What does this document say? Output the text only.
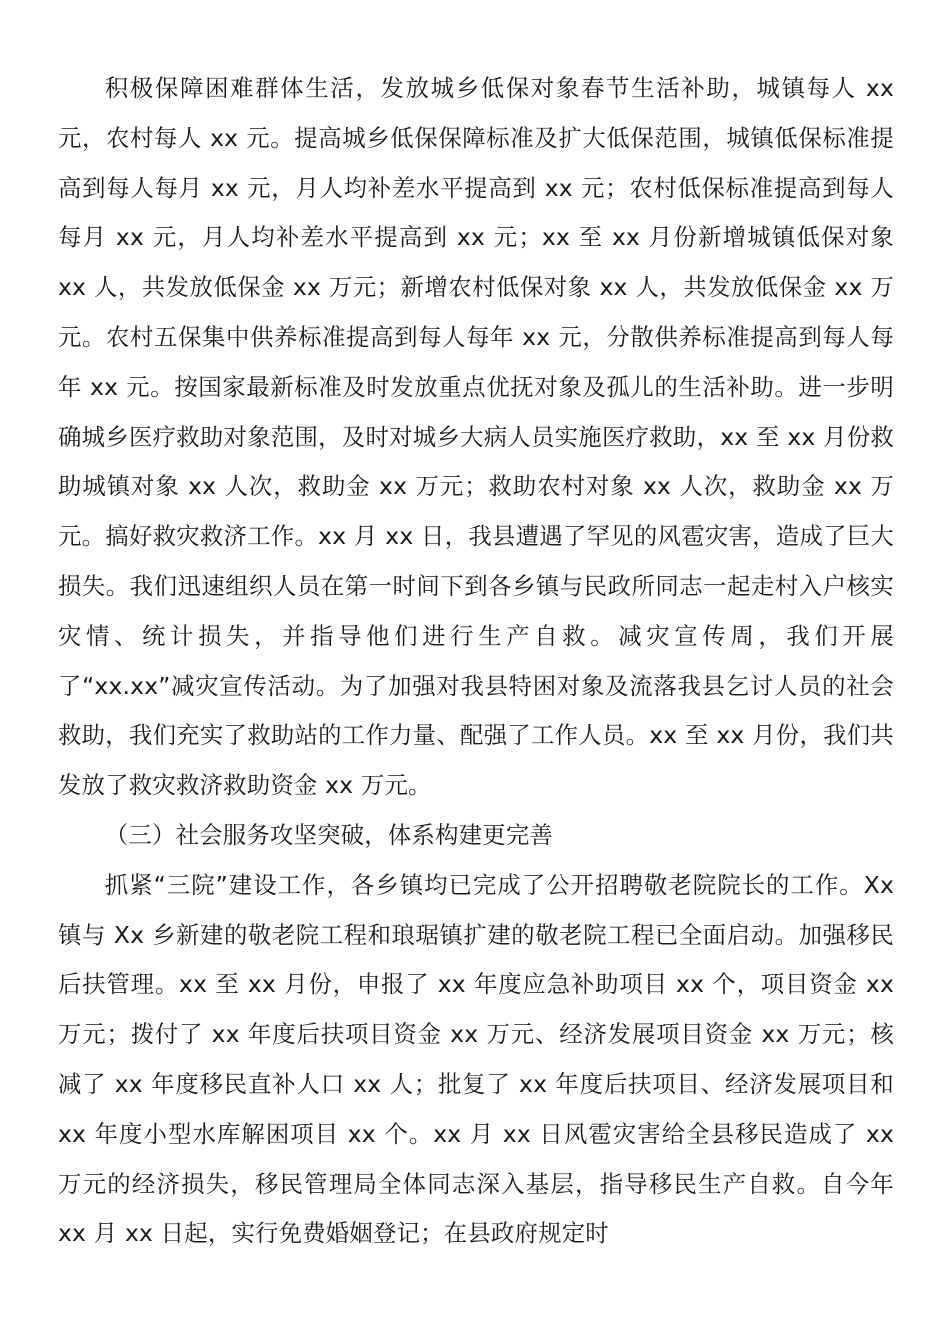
积极保障困难群体生活，发放城乡低保对象春节生活补助，城镇每人 xx 元，农村每人 xx 元。提高城乡低保保障标准及扩大低保范围，城镇低保标准提高到每人每月 xx 元，月人均补差水平提高到 xx 元；农村低保标准提高到每人每月 xx 元，月人均补差水平提高到 xx 元；xx 至 xx 月份新增城镇低保对象 xx 人，共发放低保金 xx 万元；新增农村低保对象 xx 人，共发放低保金 xx 万元。农村五保集中供养标准提高到每人每年 xx 元，分散供养标准提高到每人每年 xx 元。按国家最新标准及时发放重点优抚对象及孤儿的生活补助。进一步明确城乡医疗救助对象范围，及时对城乡大病人员实施医疗救助，xx 至 xx 月份救助城镇对象 xx 人次，救助金 xx 万元；救助农村对象 xx 人次，救助金 xx 万元。搞好救灾救济工作。xx 月 xx 日，我县遭遇了罕见的风雹灾害，造成了巨大损失。我们迅速组织人员在第一时间下到各乡镇与民政所同志一起走村入户核实灾情、统计损失，并指导他们进行生产自救。减灾宣传周，我们开展了“xx.xx”减灾宣传活动。为了加强对我县特困对象及流落我县乞讨人员的社会救助，我们充实了救助站的工作力量、配强了工作人员。xx 至 xx 月份，我们共发放了救灾救济救助资金 xx 万元。

（三）社会服务攻坚突破，体系构建更完善

抓紧“三院”建设工作，各乡镇均已完成了公开招聘敬老院院长的工作。Xx 镇与 Xx 乡新建的敬老院工程和琅琚镇扩建的敬老院工程已全面启动。加强移民后扶管理。xx 至 xx 月份，申报了 xx 年度应急补助项目 xx 个，项目资金 xx 万元；拨付了 xx 年度后扶项目资金 xx 万元、经济发展项目资金 xx 万元；核减了 xx 年度移民直补人口 xx 人；批复了 xx 年度后扶项目、经济发展项目和 xx 年度小型水库解困项目 xx 个。xx 月 xx 日风雹灾害给全县移民造成了 xx 万元的经济损失，移民管理局全体同志深入基层，指导移民生产自救。自今年 xx 月 xx 日起，实行免费婚姻登记；在县政府规定时
